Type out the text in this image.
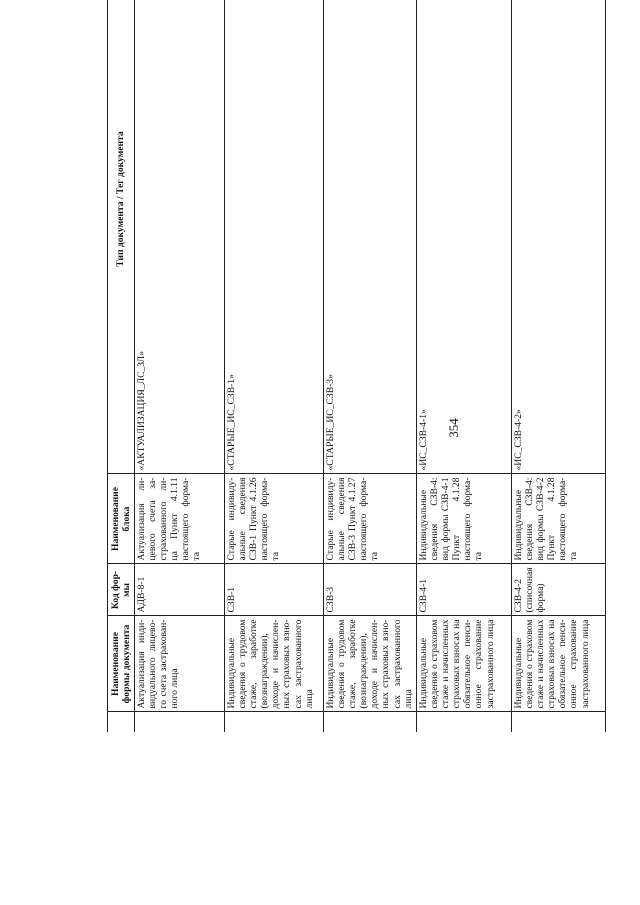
354
	Наименование формы документа	Код фор-мы	Наименование блока	Тип документа / Тег документа
	Актуализация инди-видуального лицево-го счета застрахован-ного лица	АДВ-8-1	Актуализация ли-цевого счета за-страхованного ли-ца Пункт 4.1.11 настоящего форма-та	«АКТУАЛИЗАЦИЯ_ЛС_ЗЛ»
	Индивидуальные сведения о трудовом стаже, заработке (вознаграждении), доходе и начислен-ных страховых взно-сах застрахованного лица	СЗВ-1	Старые индивиду-альные сведения СЗВ-1 Пункт 4.1.26 настоящего форма-та	«СТАРЫЕ_ИС_СЗВ-1»
	Индивидуальные сведения о трудовом стаже, заработке (вознаграждении), доходе и начислен-ных страховых взно-сах застрахованного лица	СЗВ-3	Старые индивиду-альные сведения СЗВ-3 Пункт 4.1.27 настоящего форма-та	«СТАРЫЕ_ИС_СЗВ-3»
	Индивидуальные сведения о страховом стаже и начисленных страховых взносах на обязательное пенси-онное страхование застрахованного лица	СЗВ-4-1	Индивидуальные сведения СЗВ-4: вид формы СЗВ-4-1 Пункт 4.1.28 настоящего форма-та	«ИС_СЗВ-4-1»
	Индивидуальные сведения о страховом стаже и начисленных страховых взносах на обязательное пенси-онное страхование застрахованного лица	СЗВ-4-2 (списочная форма)	Индивидуальные сведения СЗВ-4: вид формы СЗВ-4-2 Пункт 4.1.28 настоящего форма-та	«ИС_СЗВ-4-2»
